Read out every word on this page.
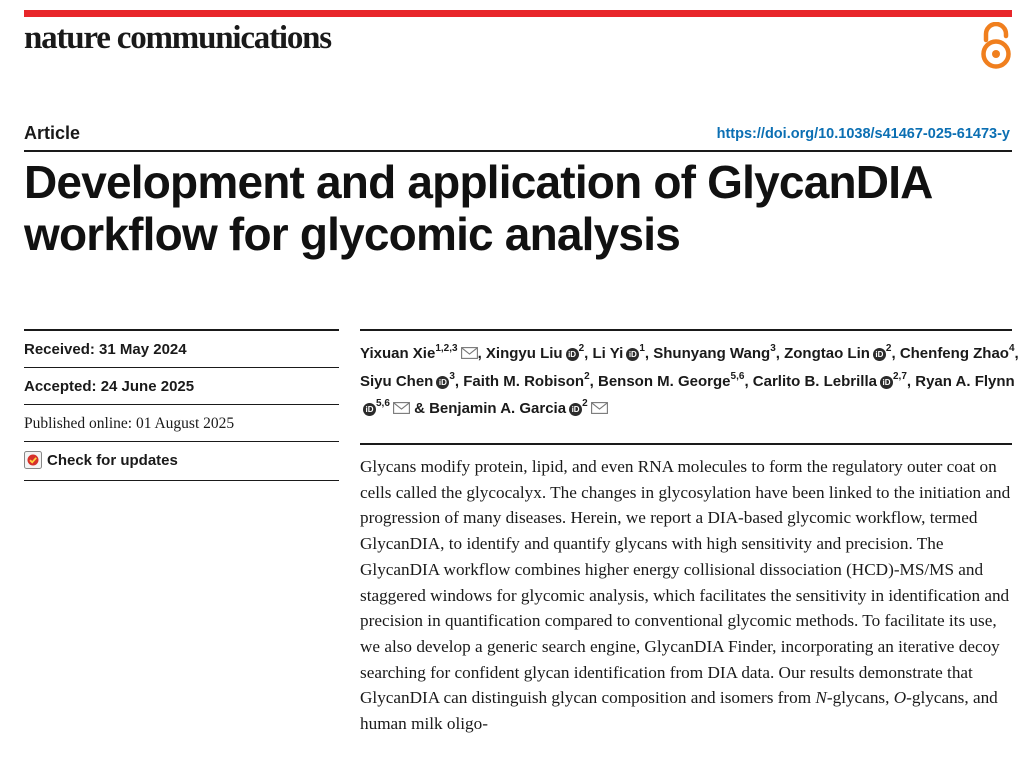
nature communications
Article	https://doi.org/10.1038/s41467-025-61473-y
Development and application of GlycanDIA workflow for glycomic analysis
Received: 31 May 2024
Accepted: 24 June 2025
Published online: 01 August 2025
Check for updates

Yixuan Xie$^{1,2,3}$ , Xingyu Liu $iD^2$, Li Yi $iD^1$, Shunyang Wang$^3$, Zongtao Lin $iD^2$, Chenfeng Zhao$^4$, Siyu Chen $iD^3$, Faith M. Robison$^2$, Benson M. George$^{5,6}$, Carlito B. Lebrilla iD$^{2,7}$, Ryan A. FlynniD$^{5,6}$ & Benjamin A. Garcia $iD^2$

Glycans modify protein, lipid, and even RNA molecules to form the regulatory outer coat on cells called the glycocalyx. The changes in glycosylation have been linked to the initiation and progression of many diseases. Herein, we report a DIA-based glycomic workflow, termed GlycanDIA, to identify and quantify glycans with high sensitivity and precision. The GlycanDIA workflow combines higher energy collisional dissociation (HCD)-MS/MS and staggered windows for glycomic analysis, which facilitates the sensitivity in identification and precision in quantification compared to conventional glycomic methods. To facilitate its use, we also develop a generic search engine, GlycanDIA Finder, incorporating an iterative decoy searching for confident glycan identification from DIA data. Our results demonstrate that GlycanDIA can distinguish glycan composition and isomers from N-glycans, O-glycans, and human milk oligo-
